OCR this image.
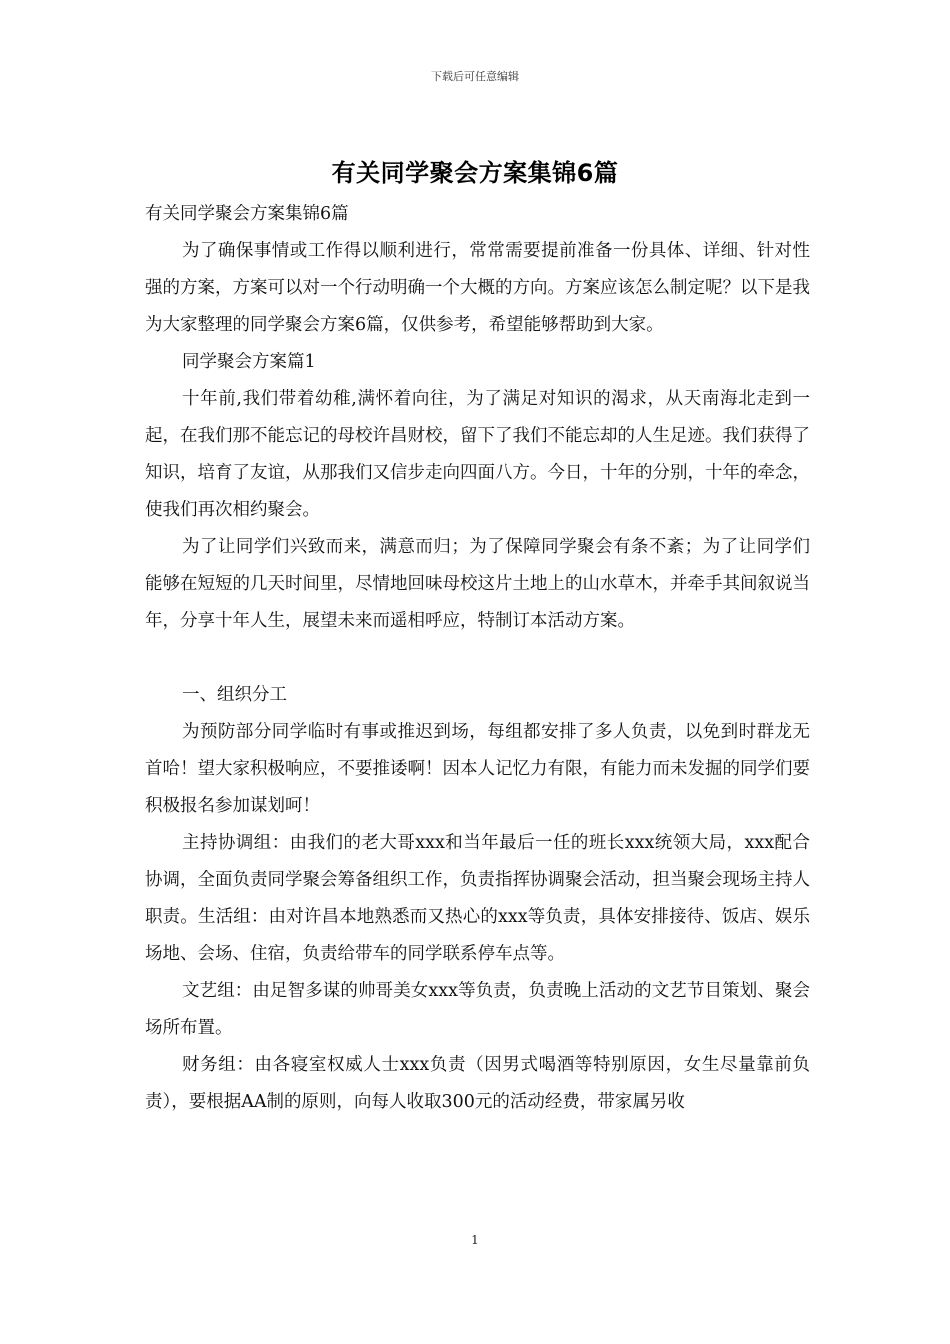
下载后可任意编辑
有关同学聚会方案集锦6篇

有关同学聚会方案集锦6篇

为了确保事情或工作得以顺利进行，常常需要提前准备一份具体、详细、针对性强的方案，方案可以对一个行动明确一个大概的方向。方案应该怎么制定呢？以下是我为大家整理的同学聚会方案6篇，仅供参考，希望能够帮助到大家。

同学聚会方案篇1

十年前,我们带着幼稚,满怀着向往，为了满足对知识的渴求，从天南海北走到一起，在我们那不能忘记的母校许昌财校，留下了我们不能忘却的人生足迹。我们获得了知识，培育了友谊，从那我们又信步走向四面八方。今日，十年的分别，十年的牵念，使我们再次相约聚会。

为了让同学们兴致而来，满意而归；为了保障同学聚会有条不紊；为了让同学们能够在短短的几天时间里，尽情地回味母校这片土地上的山水草木，并牵手其间叙说当年，分享十年人生，展望未来而遥相呼应，特制订本活动方案。

一、组织分工

为预防部分同学临时有事或推迟到场，每组都安排了多人负责，以免到时群龙无首哈！望大家积极响应，不要推诿啊！因本人记忆力有限，有能力而未发掘的同学们要积极报名参加谋划呵！

主持协调组：由我们的老大哥xxx和当年最后一任的班长xxx统领大局，xxx配合协调，全面负责同学聚会筹备组织工作，负责指挥协调聚会活动，担当聚会现场主持人职责。生活组：由对许昌本地熟悉而又热心的xxx等负责，具体安排接待、饭店、娱乐场地、会场、住宿，负责给带车的同学联系停车点等。

文艺组：由足智多谋的帅哥美女xxx等负责，负责晚上活动的文艺节目策划、聚会场所布置。

财务组：由各寝室权威人士xxx负责（因男式喝酒等特别原因，女生尽量靠前负责），要根据AA制的原则，向每人收取300元的活动经费，带家属另收

1
